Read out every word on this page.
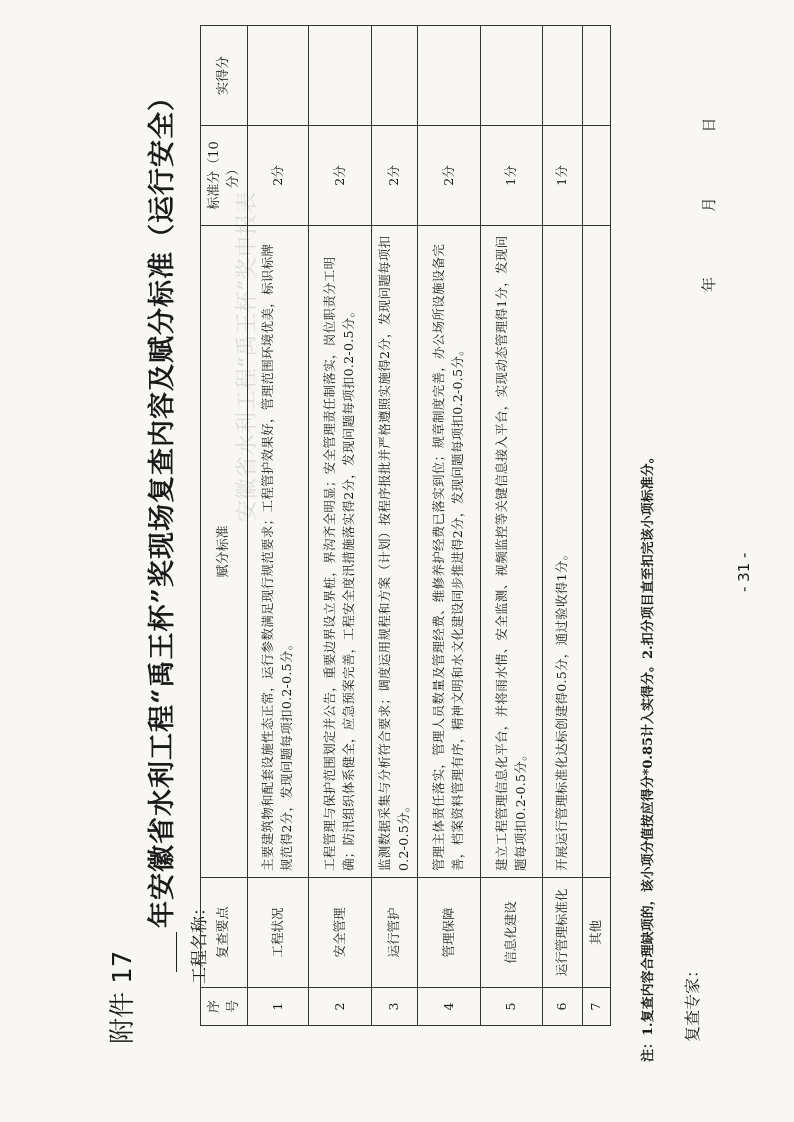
安徽省水利工程“禹王杯”奖申报表
附件 17
年安徽省水利工程“禹王杯”奖现场复查内容及赋分标准（运行安全）
工程名称：
序号	复查要点	赋分标准	标准分（10分）	实得分
1	工程状况	主要建筑物和配套设施性态正常，运行参数满足现行规范要求；工程管护效果好，管理范围环境优美，标识标牌规范得2分，发现问题每项扣0.2-0.5分。	2分	
2	安全管理	工程管理与保护范围划定并公告，重要边界设立界桩，界沟齐全明显；安全管理责任制落实，岗位职责分工明确；防汛组织体系健全，应急预案完善，工程安全度汛措施落实得2分，发现问题每项扣0.2-0.5分。	2分	
3	运行管护	监测数据采集与分析符合要求；调度运用规程和方案（计划）按程序报批并严格遵照实施得2分，发现问题每项扣0.2-0.5分。	2分	
4	管理保障	管理主体责任落实，管理人员数量及管理经费、维修养护经费已落实到位；规章制度完善，办公场所设施设备完善，档案资料管理有序，精神文明和水文化建设同步推进得2分，发现问题每项扣0.2-0.5分。	2分	
5	信息化建设	建立工程管理信息化平台，并将雨水情、安全监测、视频监控等关键信息接入平台，实现动态管理得1分，发现问题每项扣0.2-0.5分。	1分	
6	运行管理标准化	开展运行管理标准化达标创建得0.5分，通过验收得1分。	1分	
7	其他				注：1.复查内容合理缺项的，该小项分值按应得分*0.85计入实得分。2.扣分项目直至扣完该小项标准分。 复查专家：
年 月 日
- 31 -
